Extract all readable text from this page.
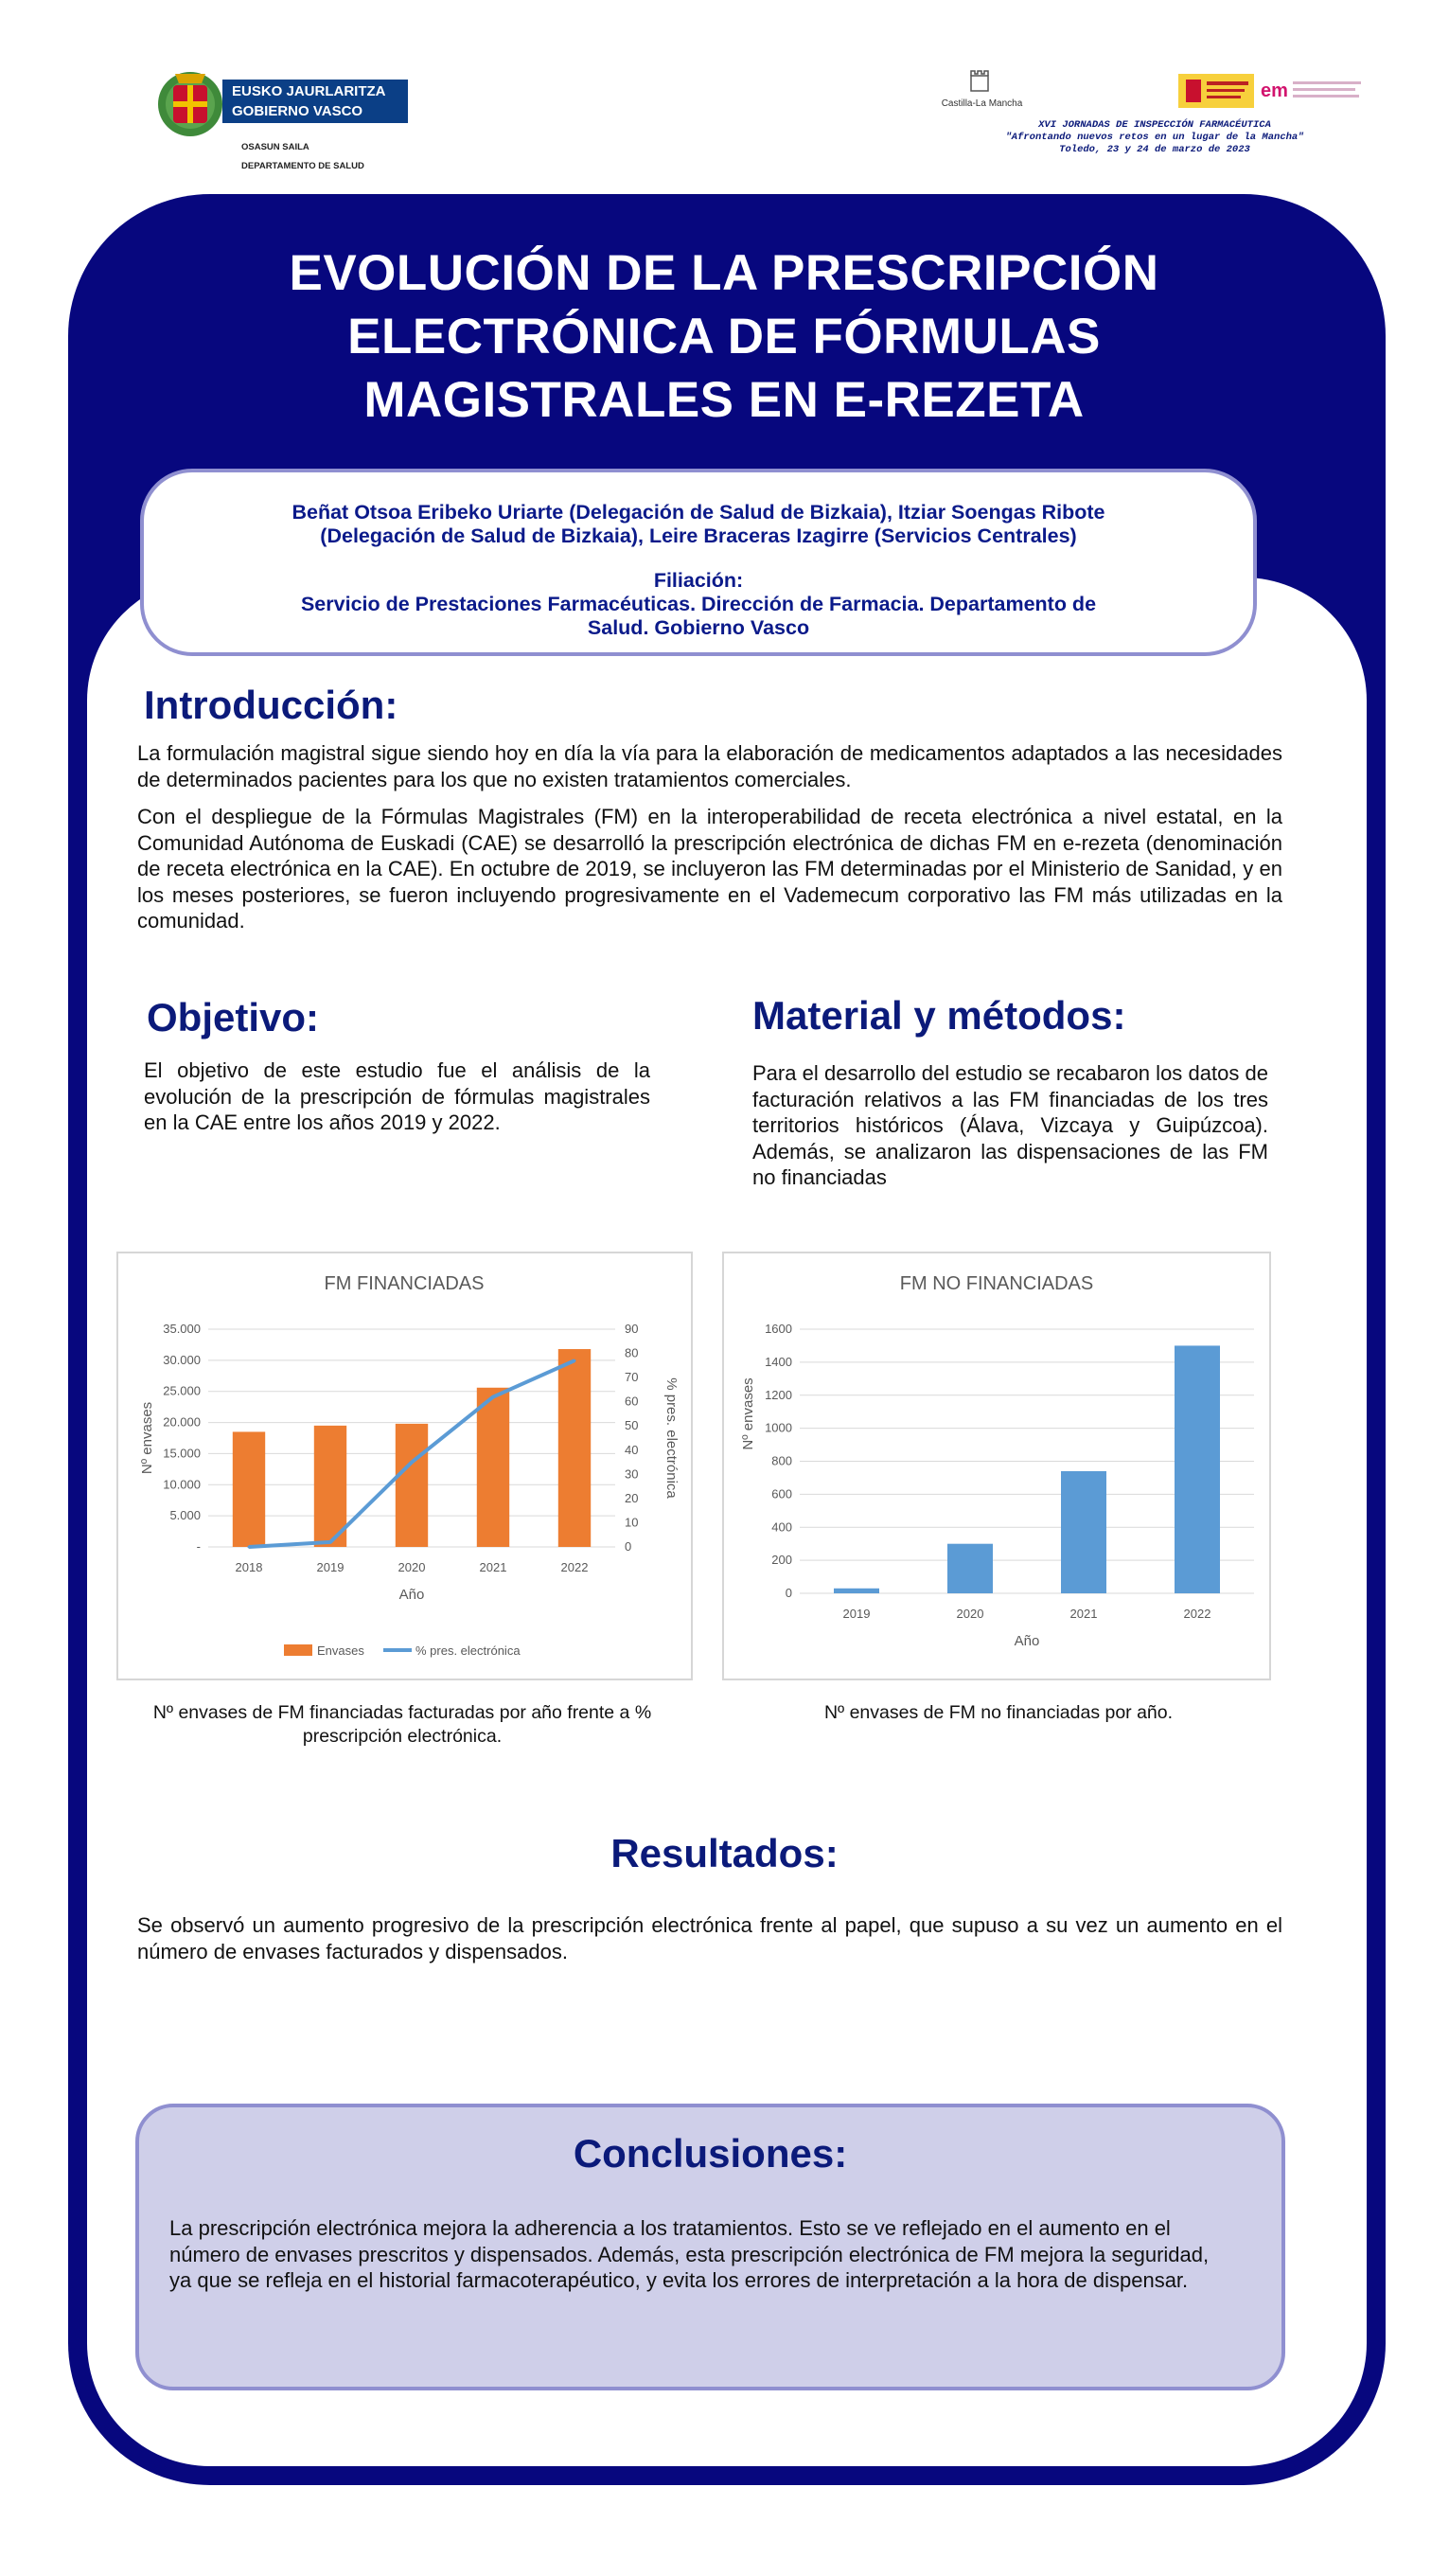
EUSKO JAURLARITZA
GOBIERNO VASCO
OSASUN SAILA
DEPARTAMENTO DE SALUD
Castilla-La Mancha
em
XVI JORNADAS DE INSPECCIÓN FARMACÉUTICA
"Afrontando nuevos retos en un lugar de la Mancha"
Toledo, 23 y 24 de marzo de 2023
EVOLUCIÓN DE LA PRESCRIPCIÓN
ELECTRÓNICA DE FÓRMULAS
MAGISTRALES EN E-REZETA

Beñat Otsoa Eribeko Uriarte (Delegación de Salud de Bizkaia), Itziar Soengas Ribote

(Delegación de Salud de Bizkaia), Leire Braceras Izagirre (Servicios Centrales)

Filiación:

Servicio de Prestaciones Farmacéuticas. Dirección de Farmacia. Departamento de

Salud. Gobierno Vasco

Introducción:

La formulación magistral sigue siendo hoy en día la vía para la elaboración de medicamentos adaptados a las necesidades de determinados pacientes para los que no existen tratamientos comerciales.

Con el despliegue de la Fórmulas Magistrales (FM) en la interoperabilidad de receta electrónica a nivel estatal, en la Comunidad Autónoma de Euskadi (CAE) se desarrolló la prescripción electrónica de dichas FM en e-rezeta (denominación de receta electrónica en la CAE). En octubre de 2019, se incluyeron las FM determinadas por el Ministerio de Sanidad, y en los meses posteriores, se fueron incluyendo progresivamente en el Vademecum corporativo las FM más utilizadas en la comunidad.

Objetivo:
El objetivo de este estudio fue el análisis de la evolución de la prescripción de fórmulas magistrales en la CAE entre los años 2019 y 2022.
Material y métodos:
Para el desarrollo del estudio se recabaron los datos de facturación relativos a las FM financiadas de los tres territorios históricos (Álava, Vizcaya y Guipúzcoa). Además, se analizaron las dispensaciones de las FM no financiadas
FM FINANCIADAS
-
5.000
10.000
15.000
20.000
25.000
30.000
35.000
0
10
20
30
40
50
60
70
80
90
2018	2019	2020	2021	2022
Año
Nº envases	% pres. electrónica
Envases	% pres. electrónica
Nº envases de FM financiadas facturadas por año frente a % prescripción electrónica.
FM NO FINANCIADAS
0
200
400
600
800
1000
1200
1400
1600
2019	2020	2021	2022
Año
Nº envases
Nº envases de FM no financiadas por año.
Resultados:
Se observó un aumento progresivo de la prescripción electrónica frente al papel, que supuso a su vez un aumento en el número de envases facturados y dispensados.
Conclusiones:
La prescripción electrónica mejora la adherencia a los tratamientos. Esto se ve reflejado en el aumento en el número de envases prescritos y dispensados. Además, esta prescripción electrónica de FM mejora la seguridad, ya que se refleja en el historial farmacoterapéutico, y evita los errores de interpretación a la hora de dispensar.
